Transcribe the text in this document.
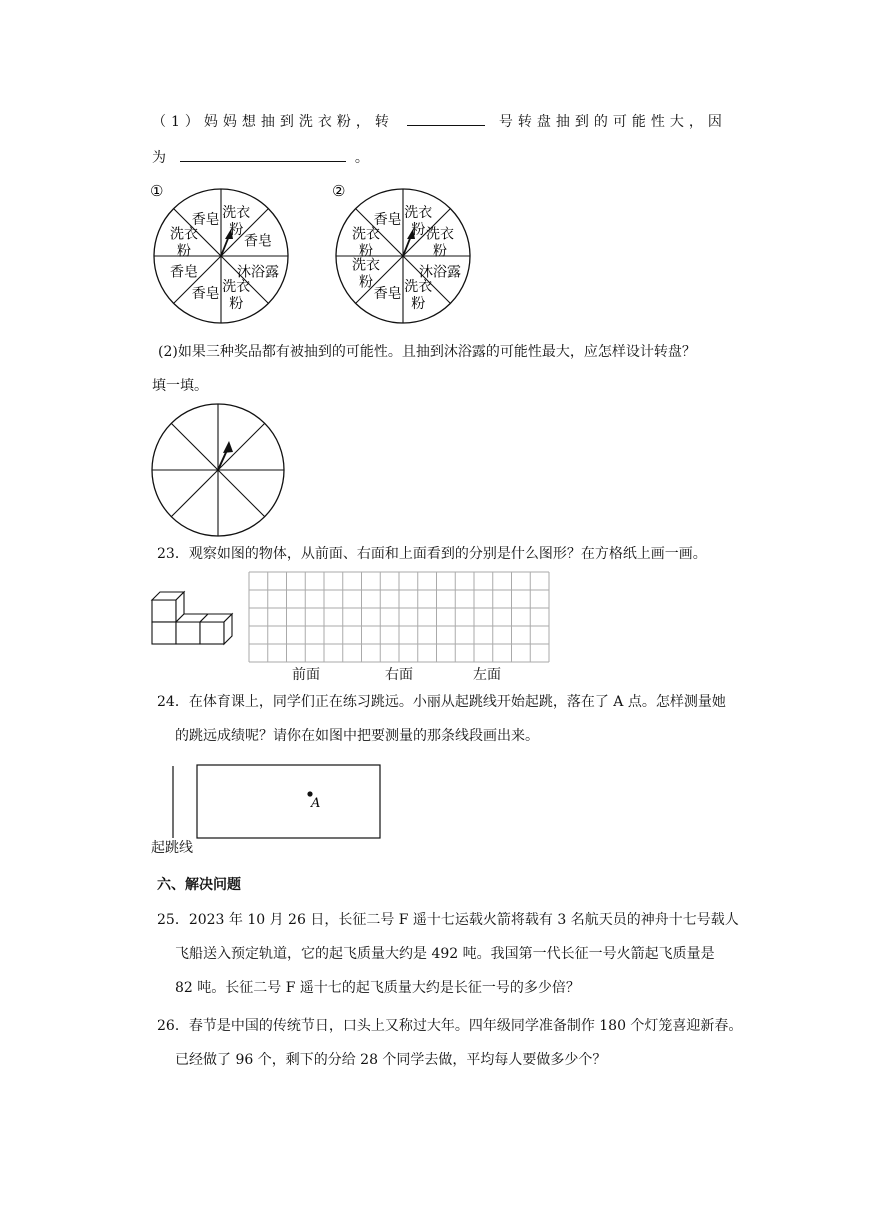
（1）妈妈想抽到洗衣粉，转	号转盘抽到的可能性大，因
为	。
①
洗衣粉
香皂
沐浴露
洗衣粉
香皂
香皂
洗衣粉
香皂
②
洗衣粉 洗衣粉
沐浴露
洗衣粉
香皂
洗衣粉
洗衣粉
香皂
(2)如果三种奖品都有被抽到的可能性。且抽到沐浴露的可能性最大，应怎样设计转盘？
填一填。
23．观察如图的物体，从前面、右面和上面看到的分别是什么图形？在方格纸上画一画。
前面	右面	左面
24．在体育课上，同学们正在练习跳远。小丽从起跳线开始起跳，落在了 A 点。怎样测量她
的跳远成绩呢？请你在如图中把要测量的那条线段画出来。
A
起跳线
六、解决问题
25．2023 年 10 月 26 日，长征二号 F 遥十七运载火箭将载有 3 名航天员的神舟十七号载人
飞船送入预定轨道，它的起飞质量大约是 492 吨。我国第一代长征一号火箭起飞质量是
82 吨。长征二号 F 遥十七的起飞质量大约是长征一号的多少倍？
26．春节是中国的传统节日，口头上又称过大年。四年级同学准备制作 180 个灯笼喜迎新春。
已经做了 96 个，剩下的分给 28 个同学去做，平均每人要做多少个？
